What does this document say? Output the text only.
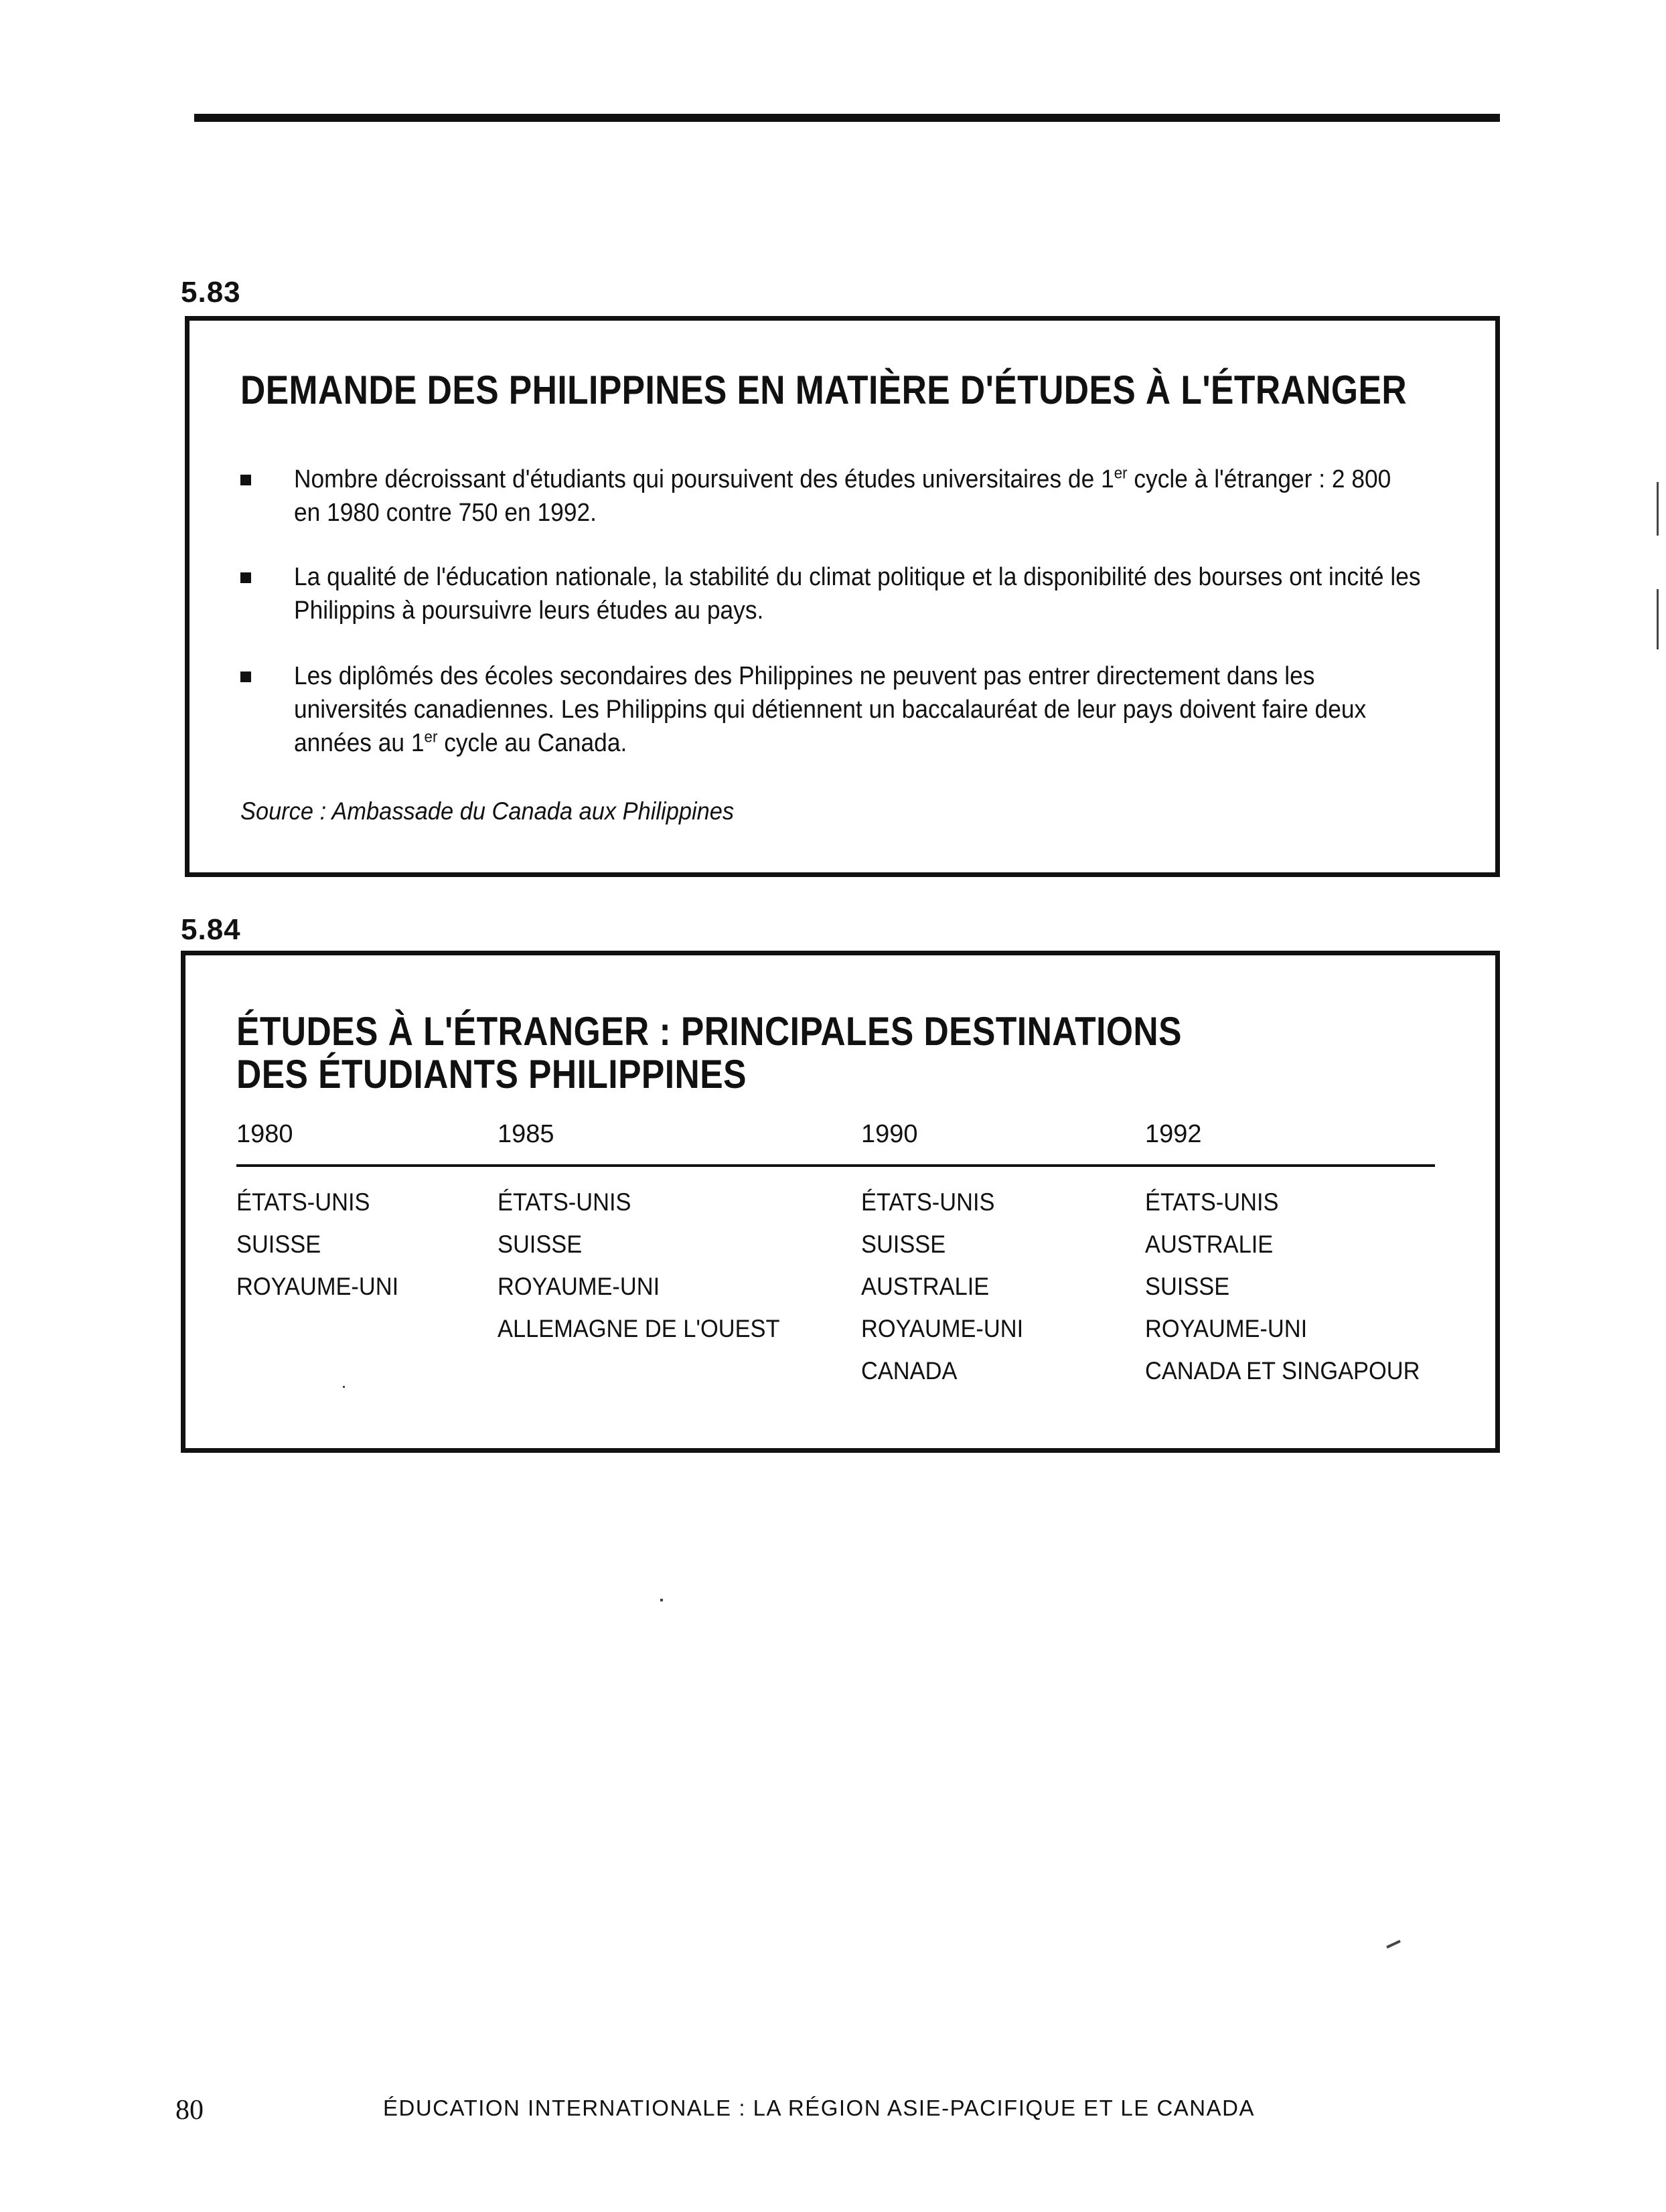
5.83
DEMANDE DES PHILIPPINES EN MATIÈRE D'ÉTUDES À L'ÉTRANGER
Nombre décroissant d'étudiants qui poursuivent des études universitaires de 1er cycle à l'étranger : 2 800 en 1980 contre 750 en 1992.
La qualité de l'éducation nationale, la stabilité du climat politique et la disponibilité des bourses ont incité les Philippins à poursuivre leurs études au pays.
Les diplômés des écoles secondaires des Philippines ne peuvent pas entrer directement dans les universités canadiennes. Les Philippins qui détiennent un baccalauréat de leur pays doivent faire deux années au 1er cycle au Canada.
Source : Ambassade du Canada aux Philippines
5.84
ÉTUDES À L'ÉTRANGER : PRINCIPALES DESTINATIONS
DES ÉTUDIANTS PHILIPPINES
1980
ÉTATS-UNIS
SUISSE
ROYAUME-UNI
1985
ÉTATS-UNIS
SUISSE
ROYAUME-UNI
ALLEMAGNE DE L'OUEST
1990
ÉTATS-UNIS
SUISSE
AUSTRALIE
ROYAUME-UNI
CANADA
1992
ÉTATS-UNIS
AUSTRALIE
SUISSE
ROYAUME-UNI
CANADA ET SINGAPOUR
80	ÉDUCATION INTERNATIONALE : LA RÉGION ASIE-PACIFIQUE ET LE CANADA
